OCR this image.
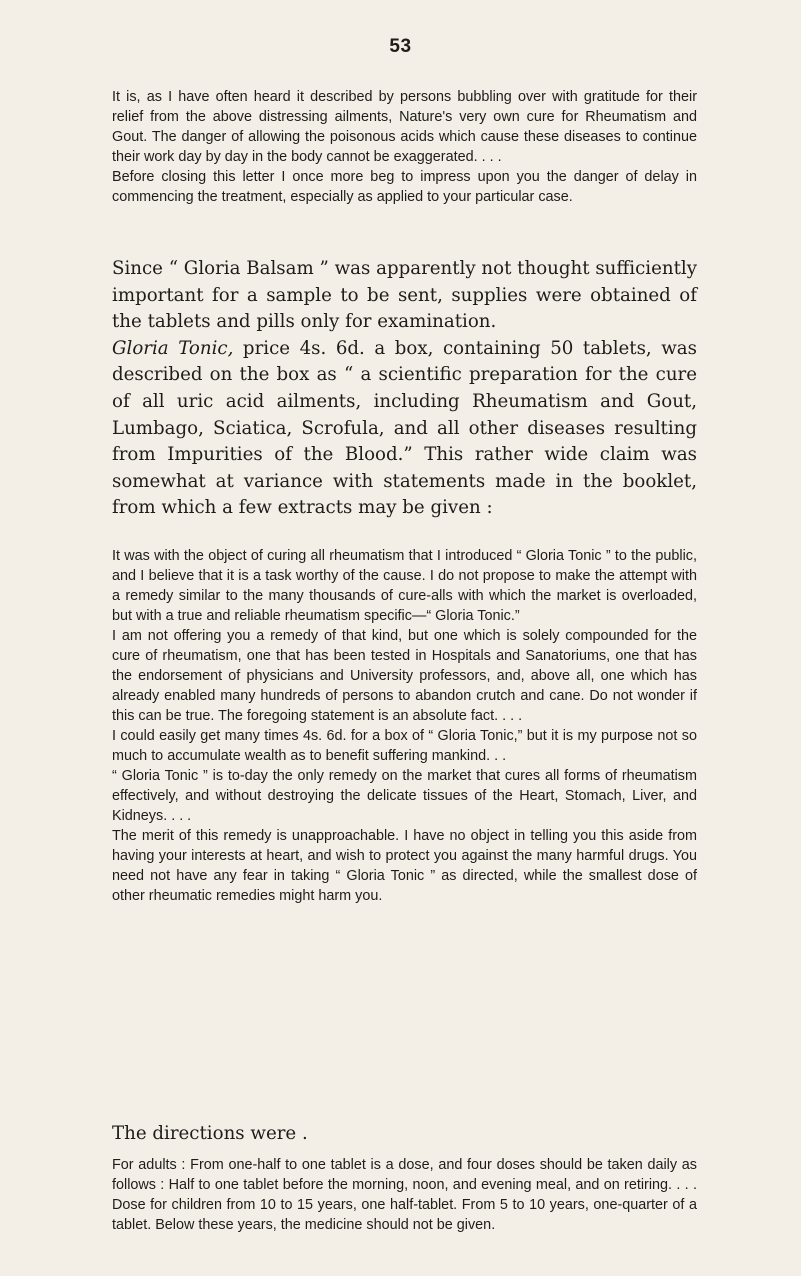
53

It is, as I have often heard it described by persons bubbling over with gratitude for their relief from the above distressing ailments, Nature's very own cure for Rheumatism and Gout. The danger of allowing the poisonous acids which cause these diseases to continue their work day by day in the body cannot be exaggerated. . . .

Before closing this letter I once more beg to impress upon you the danger of delay in commencing the treatment, especially as applied to your particular case.

Since “ Gloria Balsam ” was apparently not thought sufficiently important for a sample to be sent, supplies were obtained of the tablets and pills only for examination.

Gloria Tonic, price 4s. 6d. a box, containing 50 tablets, was described on the box as “ a scientific preparation for the cure of all uric acid ailments, including Rheumatism and Gout, Lumbago, Sciatica, Scrofula, and all other diseases resulting from Impurities of the Blood.” This rather wide claim was somewhat at variance with statements made in the booklet, from which a few extracts may be given :

It was with the object of curing all rheumatism that I introduced “ Gloria Tonic ” to the public, and I believe that it is a task worthy of the cause. I do not propose to make the attempt with a remedy similar to the many thousands of cure-alls with which the market is overloaded, but with a true and reliable rheumatism specific—“ Gloria Tonic.”

I am not offering you a remedy of that kind, but one which is solely compounded for the cure of rheumatism, one that has been tested in Hospitals and Sanatoriums, one that has the endorsement of physicians and University professors, and, above all, one which has already enabled many hundreds of persons to abandon crutch and cane. Do not wonder if this can be true. The foregoing statement is an absolute fact. . . .

I could easily get many times 4s. 6d. for a box of “ Gloria Tonic,” but it is my purpose not so much to accumulate wealth as to benefit suffering mankind. . .

“ Gloria Tonic ” is to-day the only remedy on the market that cures all forms of rheumatism effectively, and without destroying the delicate tissues of the Heart, Stomach, Liver, and Kidneys. . . .

The merit of this remedy is unapproachable. I have no object in telling you this aside from having your interests at heart, and wish to protect you against the many harmful drugs. You need not have any fear in taking “ Gloria Tonic ” as directed, while the smallest dose of other rheumatic remedies might harm you.

The directions were .

For adults : From one-half to one tablet is a dose, and four doses should be taken daily as follows : Half to one tablet before the morning, noon, and evening meal, and on retiring. . . . Dose for children from 10 to 15 years, one half-tablet. From 5 to 10 years, one-quarter of a tablet. Below these years, the medicine should not be given.
